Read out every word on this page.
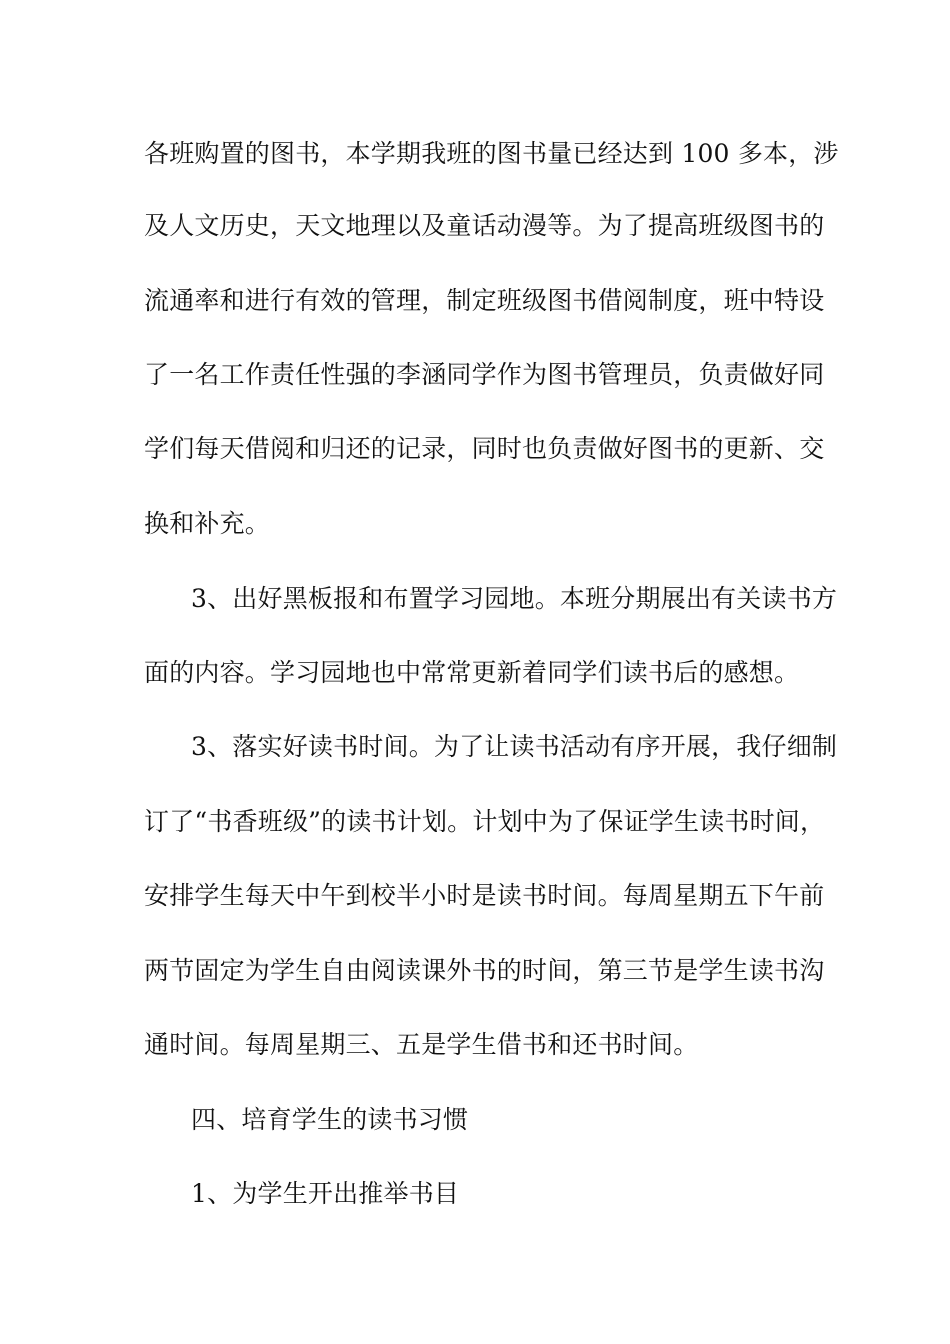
各班购置的图书，本学期我班的图书量已经达到 100 多本，涉
及人文历史，天文地理以及童话动漫等。为了提高班级图书的
流通率和进行有效的管理，制定班级图书借阅制度，班中特设
了一名工作责任性强的李涵同学作为图书管理员，负责做好同
学们每天借阅和归还的记录，同时也负责做好图书的更新、交
换和补充。
3、出好黑板报和布置学习园地。本班分期展出有关读书方
面的内容。学习园地也中常常更新着同学们读书后的感想。
3、落实好读书时间。为了让读书活动有序开展，我仔细制
订了“书香班级”的读书计划。计划中为了保证学生读书时间，
安排学生每天中午到校半小时是读书时间。每周星期五下午前
两节固定为学生自由阅读课外书的时间，第三节是学生读书沟
通时间。每周星期三、五是学生借书和还书时间。
四、培育学生的读书习惯
1、为学生开出推举书目
